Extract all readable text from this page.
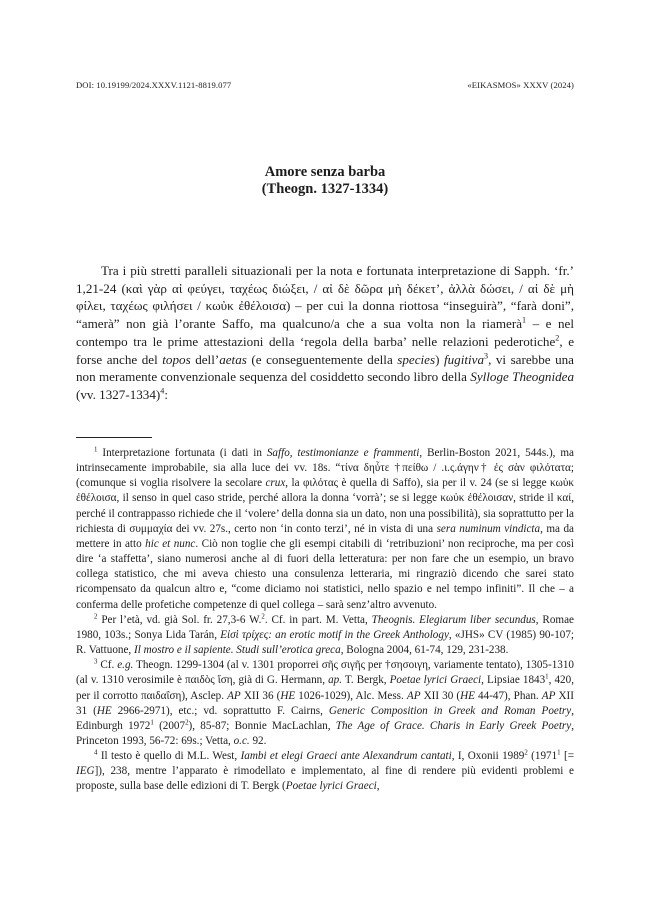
DOI: 10.19199/2024.XXXV.1121-8819.077	«EIKASMOS» XXXV (2024)
Amore senza barba
(Theogn. 1327-1334)

Tra i più stretti paralleli situazionali per la nota e fortunata interpretazione di Sapph. ‘fr.’ 1,21-24 (καὶ γὰρ αἰ φεύγει, ταχέως διώξει, / αἰ δὲ δῶρα μὴ δέκετ’, ἀλλὰ δώσει, / αἰ δὲ μὴ φίλει, ταχέως φιλήσει / κωὐκ ἐθέλοισα) – per cui la donna riottosa “inseguirà”, “farà doni”, “amerà” non già l’orante Saffo, ma qualcuno/a che a sua volta non la riamerà$^1$ – e nel contempo tra le prime attestazioni della ‘regola della barba’ nelle relazioni pederotiche$^2$, e forse anche del topos dell’aetas (e conseguentemente della species) fugitiva$^3$, vi sarebbe una non meramente convenzionale sequenza del cosiddetto secondo libro della Sylloge Theognidea (vv. 1327-1334)$^4$:

$^1$ Interpretazione fortunata (i dati in Saffo, testimonianze e frammenti, Berlin-Boston 2021, 544s.), ma intrinsecamente improbabile, sia alla luce dei vv. 18s. “τίνα δηὖτε †πείθω / .ι.ς.άγην† ἐς σὰν φιλότατα; (comunque si voglia risolvere la secolare crux, la φιλότας è quella di Saffo), sia per il v. 24 (se si legge κωὐκ ἐθέλοισα, il senso in quel caso stride, perché allora la donna ‘vorrà’; se si legge κωὐκ ἐθέλοισαν, stride il καί, perché il contrappasso richiede che il ‘volere’ della donna sia un dato, non una possibilità), sia soprattutto per la richiesta di συμμαχία dei vv. 27s., certo non ‘in conto terzi’, né in vista di una sera numinum vindicta, ma da mettere in atto hic et nunc. Ciò non toglie che gli esempi citabili di ‘retribuzioni’ non reciproche, ma per così dire ‘a staffetta’, siano numerosi anche al di fuori della letteratura: per non fare che un esempio, un bravo collega statistico, che mi aveva chiesto una consulenza letteraria, mi ringraziò dicendo che sarei stato ricompensato da qualcun altro e, “come diciamo noi statistici, nello spazio e nel tempo infiniti”. Il che – a conferma delle profetiche competenze di quel collega – sarà senz’altro avvenuto.

$^2$ Per l’età, vd. già Sol. fr. 27,3-6 W.$^2$. Cf. in part. M. Vetta, Theognis. Elegiarum liber secundus, Romae 1980, 103s.; Sonya Lida Tarán, Εἰσὶ τρίχες: an erotic motif in the Greek Anthology, «JHS» CV (1985) 90-107; R. Vattuone, Il mostro e il sapiente. Studi sull’erotica greca, Bologna 2004, 61-74, 129, 231-238.

$^3$ Cf. e.g. Theogn. 1299-1304 (al v. 1301 proporrei σῆς σιγῆς per †σησοιγη, variamente tentato), 1305-1310 (al v. 1310 verosimile è παιδὸς ἴση, già di G. Hermann, ap. T. Bergk, Poetae lyrici Graeci, Lipsiae 1843$^1$, 420, per il corrotto παιδαΐση), Asclep. AP XII 36 (HE 1026-1029), Alc. Mess. AP XII 30 (HE 44-47), Phan. AP XII 31 (HE 2966-2971), etc.; vd. soprattutto F. Cairns, Generic Composition in Greek and Roman Poetry, Edinburgh 1972$^1$ (2007$^2$), 85-87; Bonnie MacLachlan, The Age of Grace. Charis in Early Greek Poetry, Princeton 1993, 56-72: 69s.; Vetta, o.c. 92.

$^4$ Il testo è quello di M.L. West, Iambi et elegi Graeci ante Alexandrum cantati, I, Oxonii 1989$^2$ (1971$^1$ [= IEG]), 238, mentre l’apparato è rimodellato e implementato, al fine di rendere più evidenti problemi e proposte, sulla base delle edizioni di T. Bergk (Poetae lyrici Graeci,
